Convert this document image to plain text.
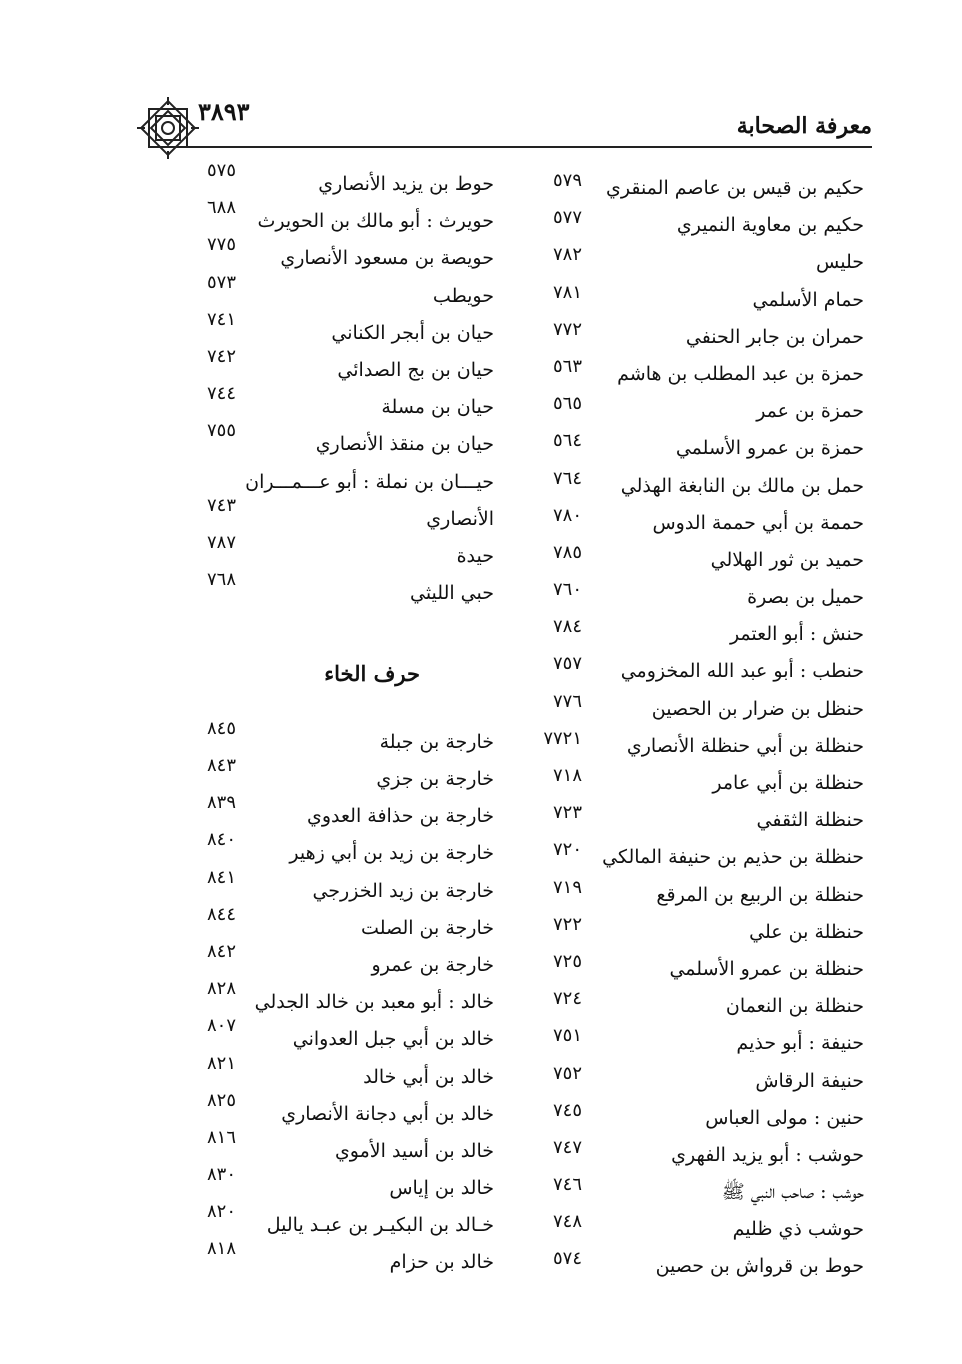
معرفة الصحابة
٣٨٩٣
حكيم بن قيس بن عاصم المنقري
٥٧٩
حكيم بن معاوية النميري
٥٧٧
حليس
٧٨٢
حمام الأسلمي
٧٨١
حمران بن جابر الحنفي
٧٧٢
حمزة بن عبد المطلب بن هاشم
٥٦٣
حمزة بن عمر
٥٦٥
حمزة بن عمرو الأسلمي
٥٦٤
حمل بن مالك بن النابغة الهذلي
٧٦٤
حممة بن أبي حممة الدوس
٧٨٠
حميد بن ثور الهلالي
٧٨٥
حميل بن بصرة
٧٦٠
حنش : أبو العتمر
٧٨٤
حنطب : أبو عبد الله المخزومي
٧٥٧
حنظل بن ضرار بن الحصين
٧٧٦
حنظلة بن أبي حنظلة الأنصاري
٧٧٢١
حنظلة بن أبي عامر
٧١٨
حنظلة الثقفي
٧٢٣
حنظلة بن حذيم بن حنيفة المالكي
٧٢٠
حنظلة بن الربيع بن المرقع
٧١٩
حنظلة بن علي
٧٢٢
حنظلة بن عمرو الأسلمي
٧٢٥
حنظلة بن النعمان
٧٢٤
حنيفة : أبو حذيم
٧٥١
حنيفة الرقاش
٧٥٢
حنين : مولى العباس
٧٤٥
حوشب : أبو يزيد الفهري
٧٤٧
حوشب : صاحب النبي ﷺ
٧٤٦
حوشب ذي ظليم
٧٤٨
حوط بن قرواش بن حصين
٥٧٤
حوط بن يزيد الأنصاري
٥٧٥
حويرث : أبو مالك بن الحويرث
٦٨٨
حويصة بن مسعود الأنصاري
٧٧٥
حويطب
٥٧٣
حيان بن أبجر الكناني
٧٤١
حيان بن بج الصدائي
٧٤٢
حيان بن مسلة
٧٤٤
حيان بن منقذ الأنصاري
٧٥٥
حيـــان بن نملة : أبو عـــمـــران
الأنصاري
٧٤٣
حيدة
٧٨٧
حبي الليثي
٧٦٨
حرف الخاء
خارجة بن جبلة
٨٤٥
خارجة بن جزي
٨٤٣
خارجة بن حذافة العدوي
٨٣٩
خارجة بن زيد بن أبي زهير
٨٤٠
خارجة بن زيد الخزرجي
٨٤١
خارجة بن الصلت
٨٤٤
خارجة بن عمرو
٨٤٢
خالد : أبو معبد بن خالد الجدلي
٨٢٨
خالد بن أبي جبل العدواني
٨٠٧
خالد بن أبي خالد
٨٢١
خالد بن أبي دجانة الأنصاري
٨٢٥
خالد بن أسيد الأموي
٨١٦
خالد بن إياس
٨٣٠
خـالد بن البكيـر بن عبـد ياليل
٨٢٠
خالد بن حزام
٨١٨
